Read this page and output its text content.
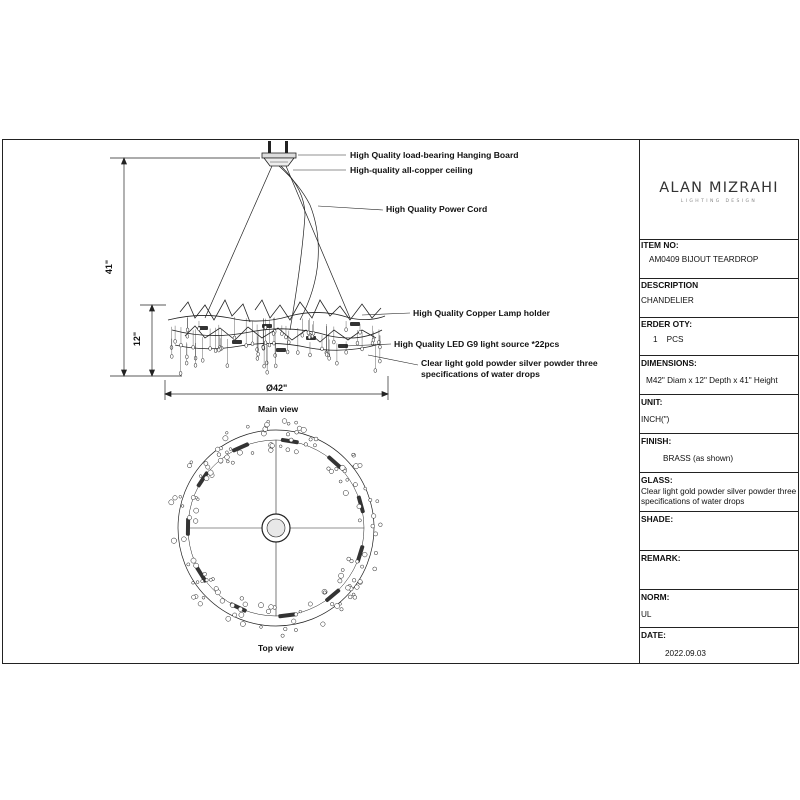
High Quality load-bearing Hanging Board
High-quality all-copper ceiling
High Quality Power Cord
High Quality Copper Lamp holder
High Quality LED G9 light source *22pcs
Clear light gold powder silver powder three specifications of water drops
41"
12"
Ø42"
Main view
Top view
ALAN MIZRAHI
LIGHTING DESIGN
ITEM NO:
AM0409 BIJOUT TEARDROP
DESCRIPTION
CHANDELIER
ERDER OTY:
1    PCS
DIMENSIONS:
M42" Diam x 12" Depth x 41" Height
UNIT:
INCH(")
FINISH:
BRASS (as shown)
GLASS:
Clear light gold powder silver powder three specifications of water drops
SHADE:
REMARK:
NORM:
UL
DATE:
2022.09.03
